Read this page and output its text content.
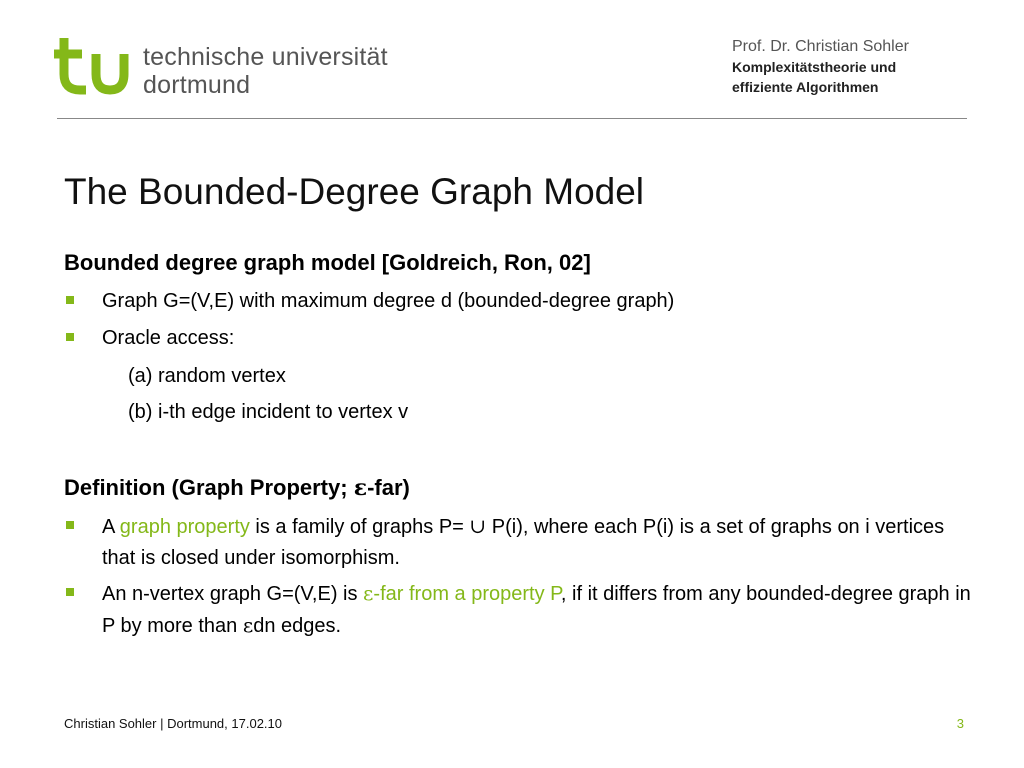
technische universität
dortmund
Prof. Dr. Christian Sohler
Komplexitätstheorie und
effiziente Algorithmen
The Bounded-Degree Graph Model
Bounded degree graph model [Goldreich, Ron, 02]
Graph G=(V,E) with maximum degree d (bounded-degree graph)
Oracle access:
(a) random vertex
(b) i-th edge incident to vertex v
Definition (Graph Property; ε-far)
A graph property is a family of graphs P= ∪ P(i), where each P(i) is a set of graphs on i vertices that is closed under isomorphism.
An n-vertex graph G=(V,E) is ε-far from a property P, if it differs from any bounded-degree graph in P by more than εdn edges.
Christian Sohler | Dortmund, 17.02.10	3
